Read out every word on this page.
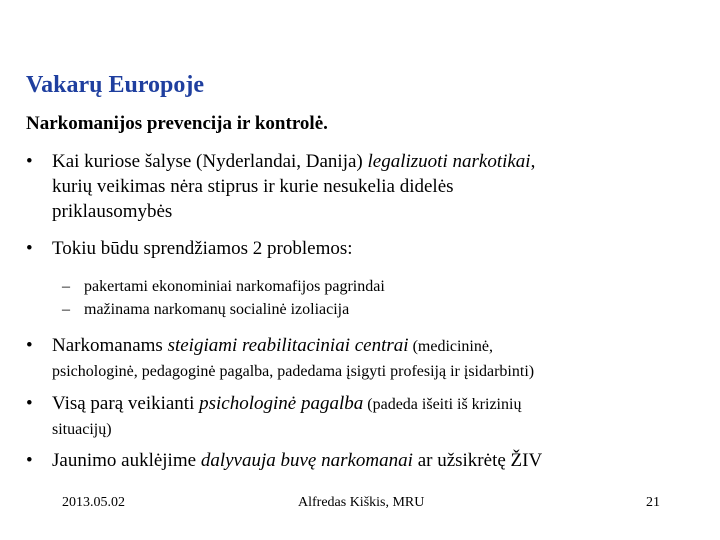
Vakarų Europoje
Narkomanijos prevencija ir kontrolė.
• Kai kuriose šalyse (Nyderlandai, Danija) legalizuoti narkotikai,
kurių veikimas nėra stiprus ir kurie nesukelia didelės
priklausomybės
• Tokiu būdu sprendžiamos 2 problemos:
– pakertami ekonominiai narkomafijos pagrindai
– mažinama narkomanų socialinė izoliacija
• Narkomanams steigiami reabilitaciniai centrai (medicininė,
psichologinė, pedagoginė pagalba, padedama įsigyti profesiją ir įsidarbinti)
• Visą parą veikianti psichologinė pagalba (padeda išeiti iš krizinių
situacijų)
• Jaunimo auklėjime dalyvauja buvę narkomanai ar užsikrėtę ŽIV
2013.05.02	Alfredas Kiškis, MRU	21
